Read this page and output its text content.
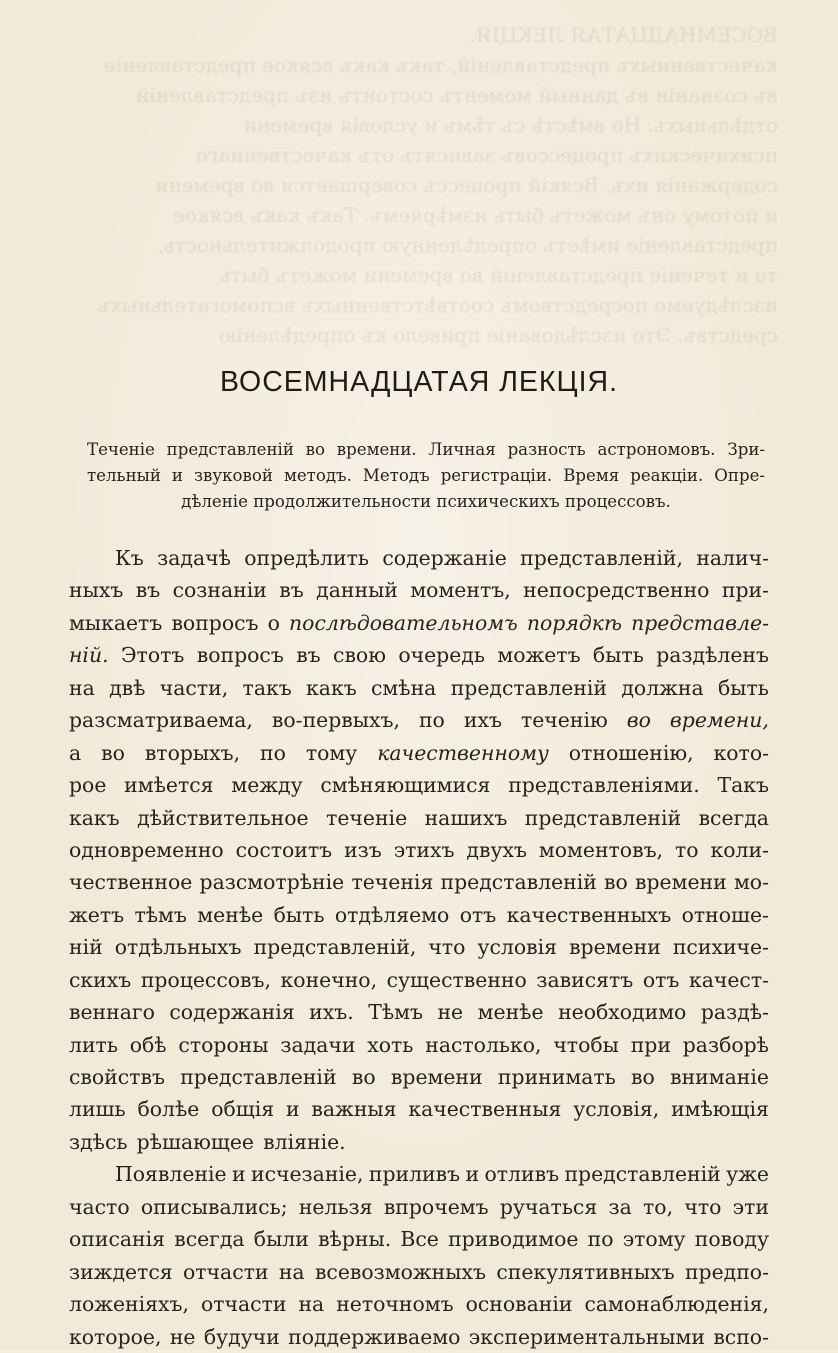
ВОСЕМНАДЦАТАЯ ЛЕКЦIЯ.
качественныхъ представленiй, такъ какъ всякое представленiе
въ сознанiи въ данный моментъ состоитъ изъ представленiй
отдѣльныхъ. Но вмѣстѣ съ тѣмъ и условiя времени
психическихъ процессовъ зависятъ отъ качественнаго
содержанiя ихъ. Всякiй процессъ совершается во времени
и потому онъ можетъ быть измѣряемъ. Такъ какъ всякое
представленiе имѣетъ опредѣленную продолжительность,
то и теченiе представленiй во времени можетъ быть
изслѣдуемо посредствомъ соотвѣтственныхъ вспомогательныхъ
средствъ. Это изслѣдованiе привело къ опредѣленiю
ВОСЕМНАДЦАТАЯ ЛЕКЦIЯ.
Теченiе представленiй во времени. Личная разность астрономовъ. Зри-
тельный и звуковой методъ. Методъ регистрацiи. Время реакцiи. Опре-
дѣленiе продолжительности психическихъ процессовъ.
Къ задачѣ опредѣлить содержанiе представленiй, налич-
ныхъ въ сознанiи въ данный моментъ, непосредственно при-
мыкаетъ вопросъ о послѣдовательномъ порядкѣ представле-
нiй. Этотъ вопросъ въ свою очередь можетъ быть раздѣленъ
на двѣ части, такъ какъ смѣна представленiй должна быть
разсматриваема, во-первыхъ, по ихъ теченiю во времени,
а во вторыхъ, по тому качественному отношенiю, кото-
рое имѣется между смѣняющимися представленiями. Такъ
какъ дѣйствительное теченiе нашихъ представленiй всегда
одновременно состоитъ изъ этихъ двухъ моментовъ, то коли-
чественное разсмотрѣнiе теченiя представленiй во времени мо-
жетъ тѣмъ менѣе быть отдѣляемо отъ качественныхъ отноше-
нiй отдѣльныхъ представленiй, что условiя времени психиче-
скихъ процессовъ, конечно, существенно зависятъ отъ качест-
веннаго содержанiя ихъ. Тѣмъ не менѣе необходимо раздѣ-
лить обѣ стороны задачи хоть настолько, чтобы при разборѣ
свойствъ представленiй во времени принимать во вниманiе
лишь болѣе общiя и важныя качественныя условiя, имѣющiя
здѣсь рѣшающее влiянiе.
Появленiе и исчезанiе, приливъ и отливъ представленiй уже
часто описывались; нельзя впрочемъ ручаться за то, что эти
описанiя всегда были вѣрны. Все приводимое по этому поводу
зиждется отчасти на всевозможныхъ спекулятивныхъ предпо-
ложенiяхъ, отчасти на неточномъ основанiи самонаблюденiя,
которое, не будучи поддерживаемо экспериментальными вспо-
